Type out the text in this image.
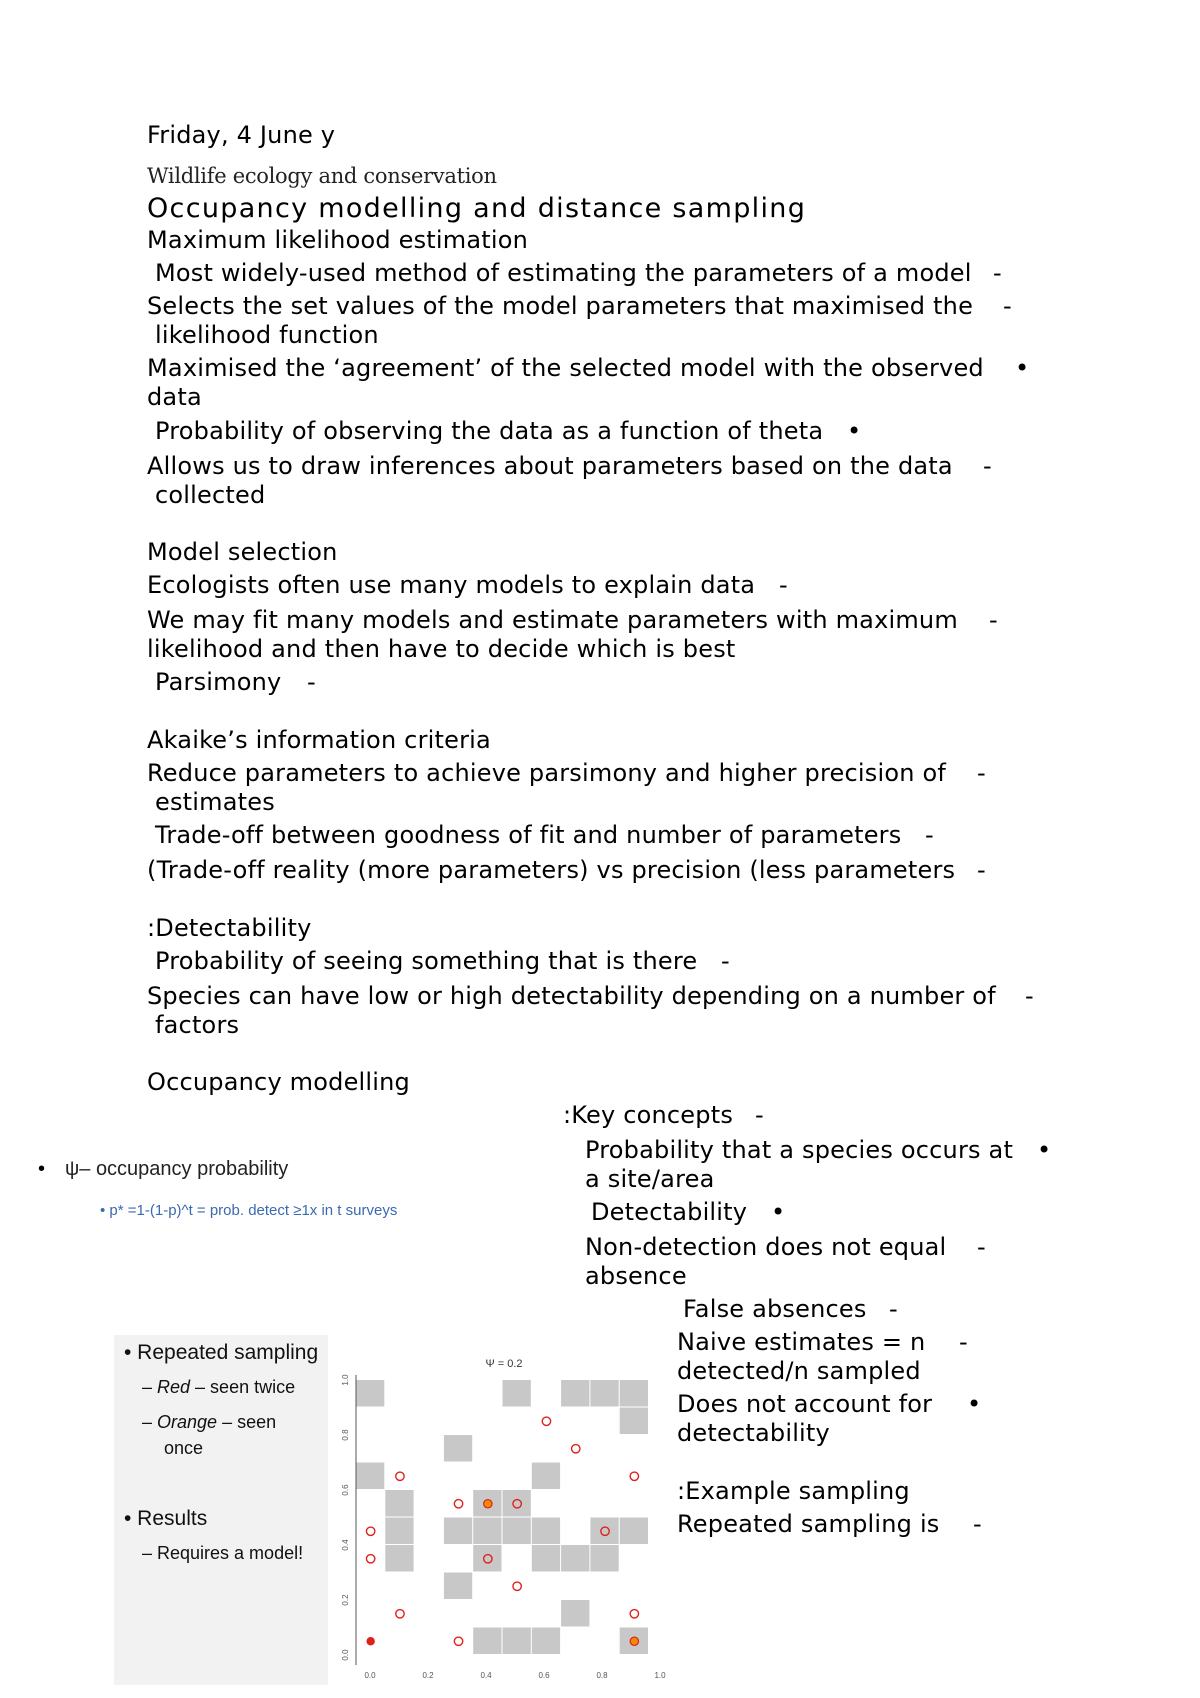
Friday, 4 June y
Wildlife ecology and conservation
Occupancy modelling and distance sampling
Maximum likelihood estimation
Most widely-used method of estimating the parameters of a model -
Selects the set values of the model parameters that maximised the -
likelihood function
Maximised the ‘agreement’ of the selected model with the observed •
data
Probability of observing the data as a function of theta •
Allows us to draw inferences about parameters based on the data -
collected
Model selection
Ecologists often use many models to explain data -
We may fit many models and estimate parameters with maximum -
likelihood and then have to decide which is best
Parsimony -
Akaike’s information criteria
Reduce parameters to achieve parsimony and higher precision of -
estimates
Trade-off between goodness of fit and number of parameters -
(Trade-off reality (more parameters) vs precision (less parameters -
:Detectability
Probability of seeing something that is there -
Species can have low or high detectability depending on a number of -
factors
Occupancy modelling
:Key concepts -
Probability that a species occurs at •
a site/area
Detectability •
Non-detection does not equal -
absence
False absences -
Naive estimates = n -
detected/n sampled
Does not account for •
detectability
:Example sampling
Repeated sampling is -
• ψ– occupancy probability
• p* =1-(1-p)^t = prob. detect ≥1x in t surveys
• Repeated sampling
– Red – seen twice
– Orange – seen
once
• Results
– Requires a model!
Ψ = 0.2
0.0	0.2	0.4	0.6	0.8	1.0
0.0
0.2
0.4
0.6
0.8
1.0
